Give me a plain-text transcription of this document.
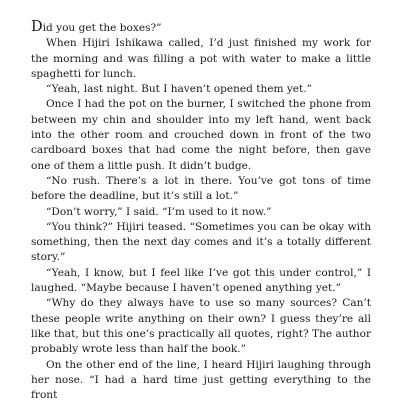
Did you get the boxes?”

When Hijiri Ishikawa called, I’d just finished my work for the morning and was filling a pot with water to make a little spaghetti for lunch.

“Yeah, last night. But I haven’t opened them yet.”

Once I had the pot on the burner, I switched the phone from between my chin and shoulder into my left hand, went back into the other room and crouched down in front of the two cardboard boxes that had come the night before, then gave one of them a little push. It didn’t budge.

“No rush. There’s a lot in there. You’ve got tons of time before the deadline, but it’s still a lot.”

“Don’t worry,” I said. “I’m used to it now.”

“You think?” Hijiri teased. “Sometimes you can be okay with something, then the next day comes and it’s a totally different story.”

“Yeah, I know, but I feel like I’ve got this under control,” I laughed. “Maybe because I haven’t opened anything yet.”

“Why do they always have to use so many sources? Can’t these people write anything on their own? I guess they’re all like that, but this one’s practically all quotes, right? The author probably wrote less than half the book.”

On the other end of the line, I heard Hijiri laughing through her nose. “I had a hard time just getting everything to the front
